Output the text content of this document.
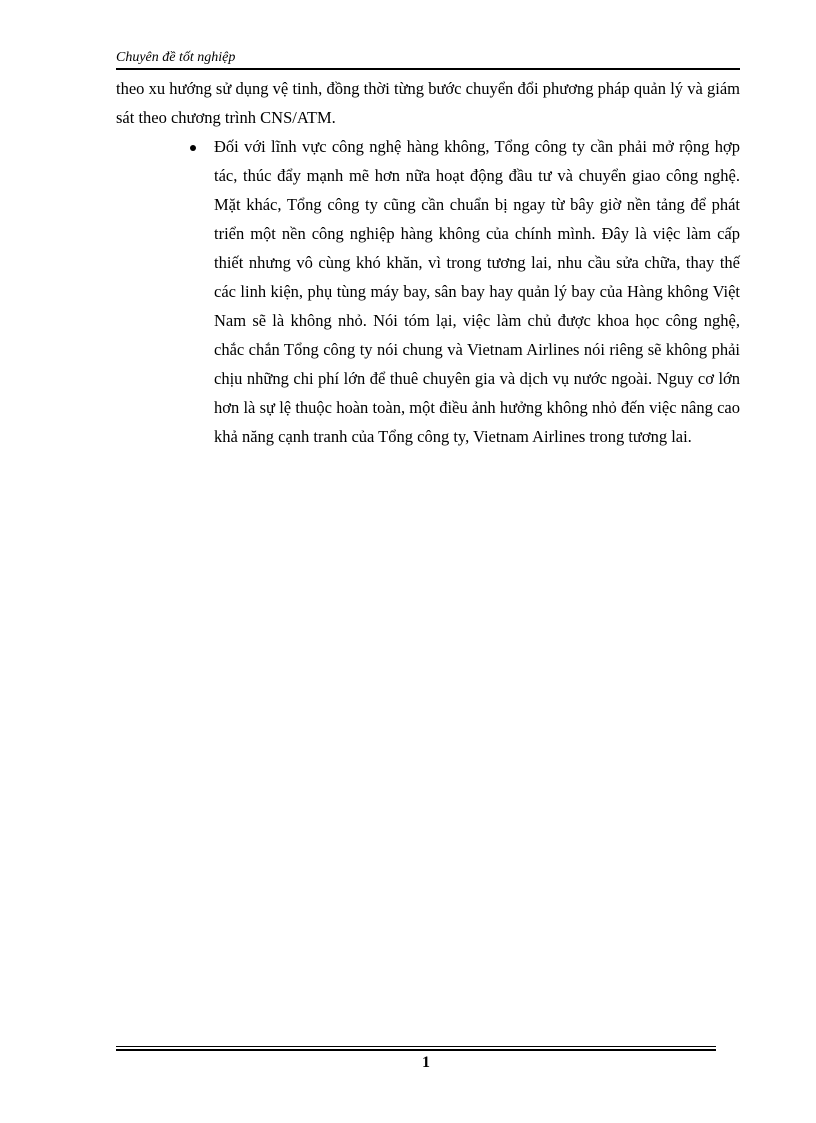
Chuyên đề tốt nghiệp

theo xu hướng sử dụng vệ tinh, đồng thời từng bước chuyển đổi phương pháp quản lý và giám sát theo chương trình CNS/ATM.

Đối với lĩnh vực công nghệ hàng không, Tổng công ty cần phải mở rộng hợp tác, thúc đẩy mạnh mẽ hơn nữa hoạt động đầu tư và chuyển giao công nghệ. Mặt khác, Tổng công ty cũng cần chuẩn bị ngay từ bây giờ nền tảng để phát triển một nền công nghiệp hàng không của chính mình. Đây là việc làm cấp thiết nhưng vô cùng khó khăn, vì trong tương lai, nhu cầu sửa chữa, thay thế các linh kiện, phụ tùng máy bay, sân bay hay quản lý bay của Hàng không Việt Nam sẽ là không nhỏ. Nói tóm lại, việc làm chủ được khoa học công nghệ, chắc chắn Tổng công ty nói chung và Vietnam Airlines nói riêng sẽ không phải chịu những chi phí lớn để thuê chuyên gia và dịch vụ nước ngoài. Nguy cơ lớn hơn là sự lệ thuộc hoàn toàn, một điều ảnh hưởng không nhỏ đến việc nâng cao khả năng cạnh tranh của Tổng công ty, Vietnam Airlines trong tương lai.
1
